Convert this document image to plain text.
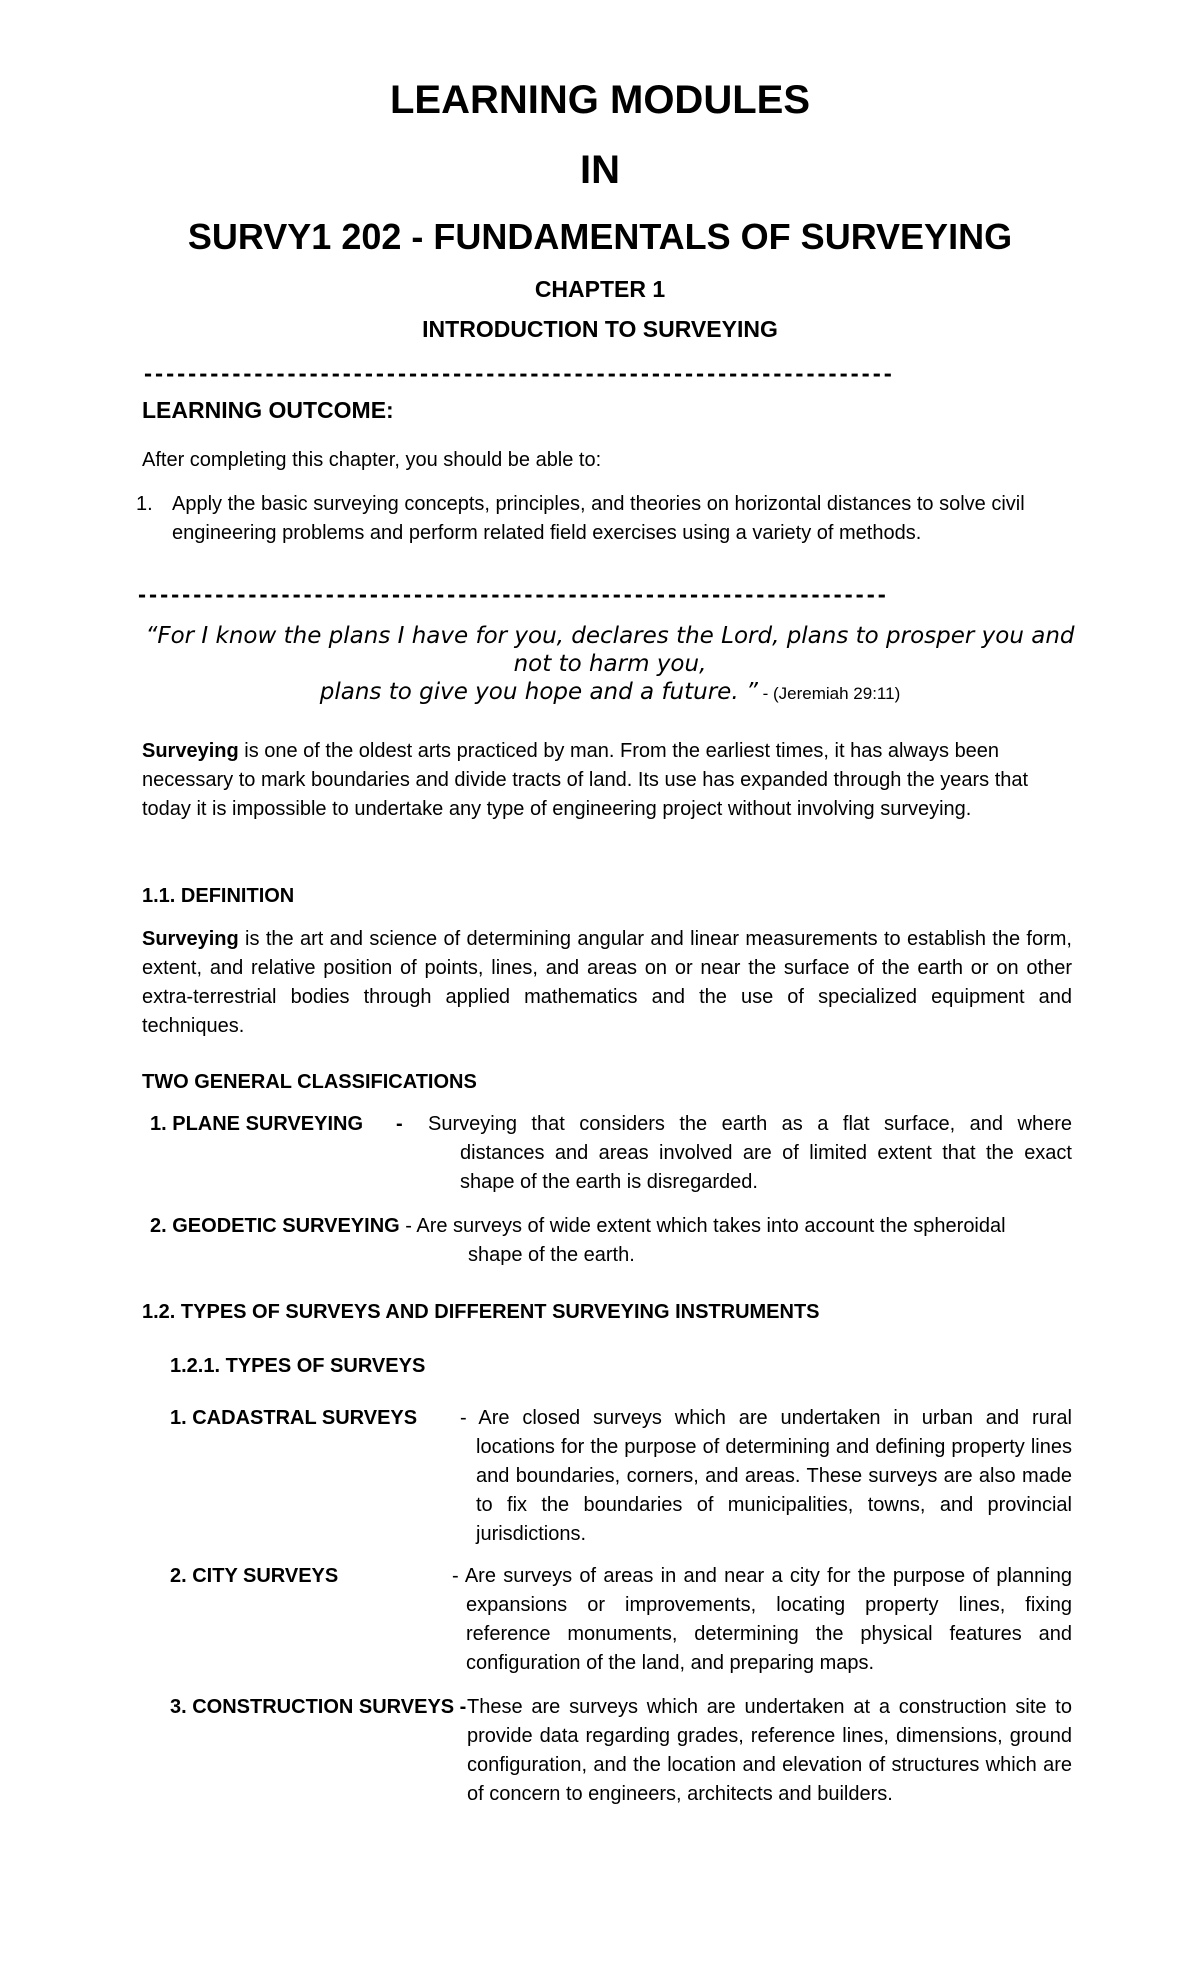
LEARNING MODULES
IN
SURVY1 202 - FUNDAMENTALS OF SURVEYING
CHAPTER 1
INTRODUCTION TO SURVEYING
--------------------------------------------------------------------
LEARNING OUTCOME:
After completing this chapter, you should be able to:
1. Apply the basic surveying concepts, principles, and theories on horizontal distances to solve civil engineering problems and perform related field exercises using a variety of methods.
--------------------------------------------------------------------
“For I know the plans I have for you, declares the Lord, plans to prosper you and
not to harm you,
plans to give you hope and a future. ” - (Jeremiah 29:11)
Surveying is one of the oldest arts practiced by man. From the earliest times, it has always been necessary to mark boundaries and divide tracts of land. Its use has expanded through the years that today it is impossible to undertake any type of engineering project without involving surveying.
1.1. DEFINITION
Surveying is the art and science of determining angular and linear measurements to establish the form, extent, and relative position of points, lines, and areas on or near the surface of the earth or on other extra-terrestrial bodies through applied mathematics and the use of specialized equipment and techniques.
TWO GENERAL CLASSIFICATIONS
1. PLANE SURVEYING - Surveying that considers the earth as a flat surface, and where
distances and areas involved are of limited extent that the exact shape of the earth is disregarded.
2. GEODETIC SURVEYING - Are surveys of wide extent which takes into account the spheroidal
shape of the earth.
1.2. TYPES OF SURVEYS AND DIFFERENT SURVEYING INSTRUMENTS
1.2.1. TYPES OF SURVEYS
1. CADASTRAL SURVEYS - Are closed surveys which are undertaken in urban and rural locations for the purpose of determining and defining property lines and boundaries, corners, and areas. These surveys are also made to fix the boundaries of municipalities, towns, and provincial jurisdictions.
2. CITY SURVEYS	- Are surveys of areas in and near a city for the purpose of planning expansions or improvements, locating property lines, fixing reference monuments, determining the physical features and configuration of the land, and preparing maps.
3. CONSTRUCTION SURVEYS - These are surveys which are undertaken at a construction site to provide data regarding grades, reference lines, dimensions, ground configuration, and the location and elevation of structures which are of concern to engineers, architects and builders.
